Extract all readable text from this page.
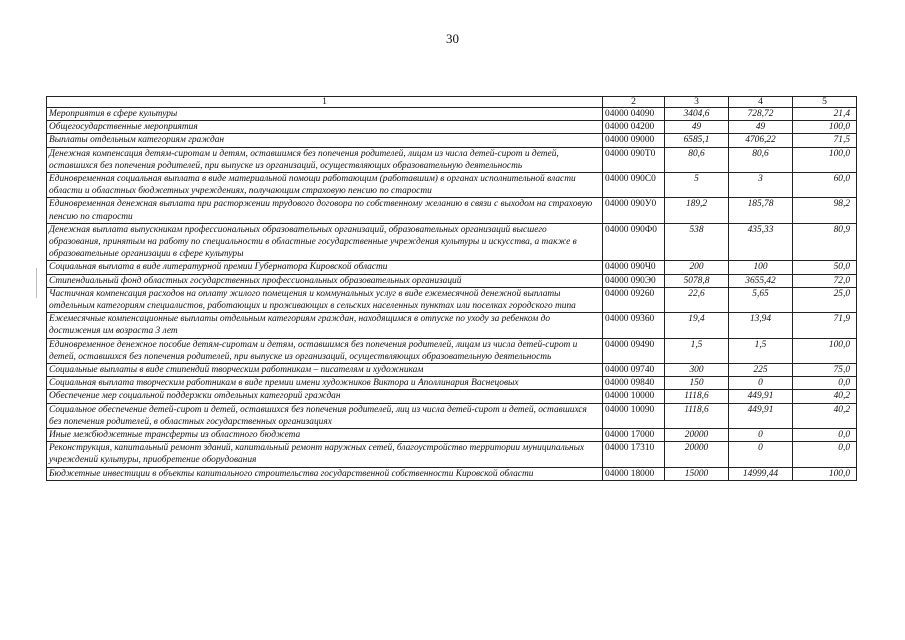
30
1	2	3	4	5
Мероприятия в сфере культуры	04000 04090	3404,6	728,72	21,4
Общегосударственные мероприятия	04000 04200	49	49	100,0
Выплаты отдельным категориям граждан	04000 09000	6585,1	4706,22	71,5
Денежная компенсация детям-сиротам и детям, оставшимся без попечения родителей, лицам из числа детей-сирот и детей, оставшихся без попечения родителей, при выпуске из организаций, осуществляющих образовательную деятельность	04000 090Т0	80,6	80,6	100,0
Единовременная социальная выплата в виде материальной помощи работающим (работавшим) в органах исполнительной власти области и областных бюджетных учреждениях, получающим страховую пенсию по старости	04000 090С0	5	3	60,0
Единовременная денежная выплата при расторжении трудового договора по собственному желанию в связи с выходом на страховую пенсию по старости	04000 090У0	189,2	185,78	98,2
Денежная выплата выпускникам профессиональных образовательных организаций, образовательных организаций высшего образования, принятым на работу по специальности в областные государственные учреждения культуры и искусства, а также в образовательные организации в сфере культуры	04000 090Ф0	538	435,33	80,9
Социальная выплата в виде литературной премии Губернатора Кировской области	04000 090Ч0	200	100	50,0
Стипендиальный фонд областных государственных профессиональных образовательных организаций	04000 090Э0	5078,8	3655,42	72,0
Частичная компенсация расходов на оплату жилого помещения и коммунальных услуг в виде ежемесячной денежной выплаты отдельным категориям специалистов, работающих и проживающих в сельских населенных пунктах или поселках городского типа	04000 09260	22,6	5,65	25,0
Ежемесячные компенсационные выплаты отдельным категориям граждан, находящимся в отпуске по уходу за ребенком до достижения им возраста 3 лет	04000 09360	19,4	13,94	71,9
Единовременное денежное пособие детям-сиротам и детям, оставшимся без попечения родителей, лицам из числа детей-сирот и детей, оставшихся без попечения родителей, при выпуске из организаций, осуществляющих образовательную деятельность	04000 09490	1,5	1,5	100,0
Социальные выплаты в виде стипендий творческим работникам – писателям и художникам	04000 09740	300	225	75,0
Социальная выплата творческим работникам в виде премии имени художников Виктора и Аполлинария Васнецовых	04000 09840	150	0	0,0
Обеспечение мер социальной поддержки отдельных категорий граждан	04000 10000	1118,6	449,91	40,2
Социальное обеспечение детей-сирот и детей, оставшихся без попечения родителей, лиц из числа детей-сирот и детей, оставшихся без попечения родителей, в областных государственных организациях	04000 10090	1118,6	449,91	40,2
Иные межбюджетные трансферты из областного бюджета	04000 17000	20000	0	0,0
Реконструкция, капитальный ремонт зданий, капитальный ремонт наружных сетей, благоустройство территории муниципальных учреждений культуры, приобретение оборудования	04000 17310	20000	0	0,0
Бюджетные инвестиции в объекты капитального строительства государственной собственности Кировской области	04000 18000	15000	14999,44	100,0
